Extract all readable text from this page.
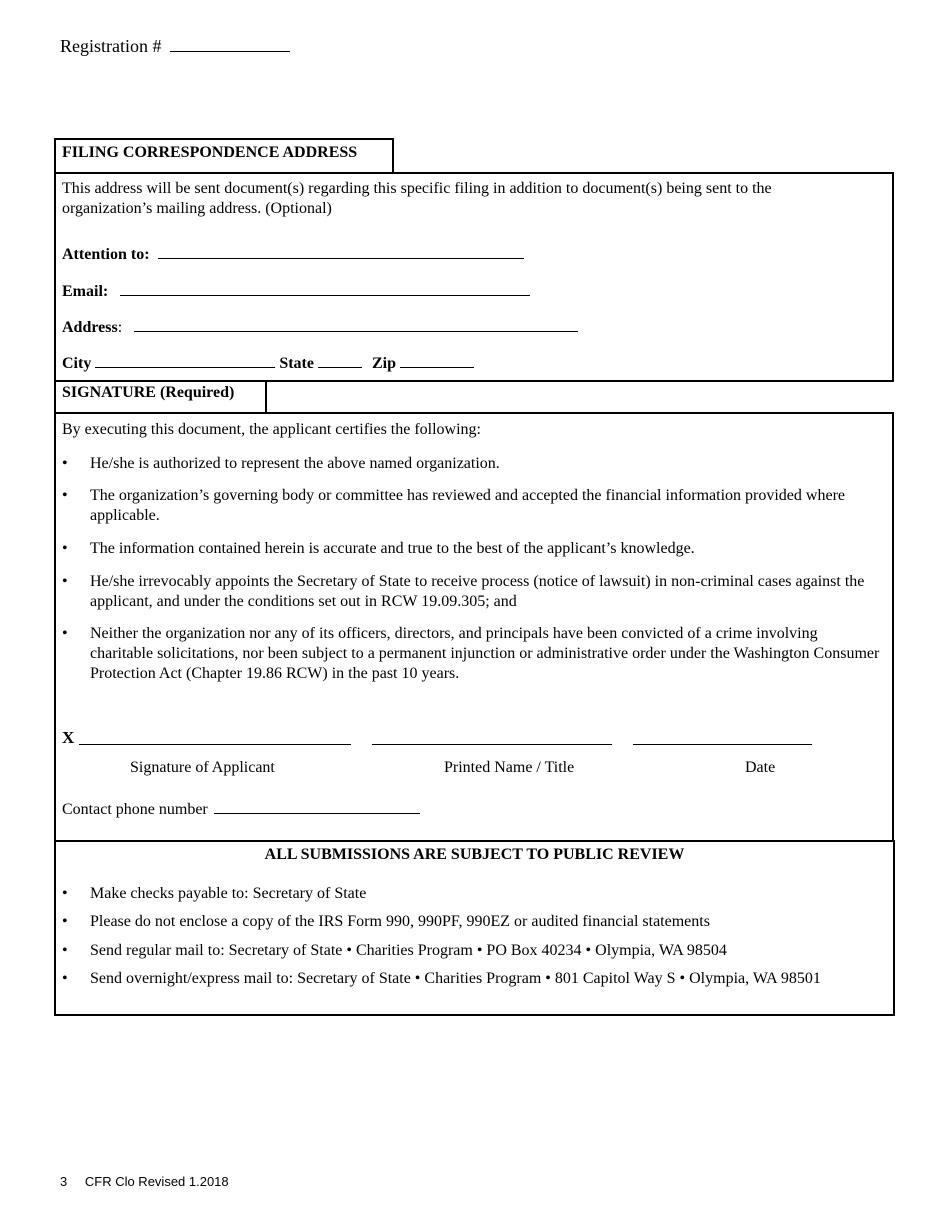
Registration #
FILING CORRESPONDENCE ADDRESS
This address will be sent document(s) regarding this specific filing in addition to document(s) being sent to the organization’s mailing address. (Optional)
Attention to:
Email:
Address:
City	State	Zip
SIGNATURE (Required)
By executing this document, the applicant certifies the following:
• He/she is authorized to represent the above named organization.
• The organization’s governing body or committee has reviewed and accepted the financial information provided where applicable.
• The information contained herein is accurate and true to the best of the applicant’s knowledge.
• He/she irrevocably appoints the Secretary of State to receive process (notice of lawsuit) in non-criminal cases against the applicant, and under the conditions set out in RCW 19.09.305; and
• Neither the organization nor any of its officers, directors, and principals have been convicted of a crime involving charitable solicitations, nor been subject to a permanent injunction or administrative order under the Washington Consumer Protection Act (Chapter 19.86 RCW) in the past 10 years.
X
Signature of Applicant	Printed Name / Title	Date
Contact phone number
ALL SUBMISSIONS ARE SUBJECT TO PUBLIC REVIEW
• Make checks payable to: Secretary of State
• Please do not enclose a copy of the IRS Form 990, 990PF, 990EZ or audited financial statements
• Send regular mail to: Secretary of State • Charities Program • PO Box 40234 • Olympia, WA 98504
• Send overnight/express mail to: Secretary of State • Charities Program • 801 Capitol Way S • Olympia, WA 98501
3 CFR Clo Revised 1.2018
